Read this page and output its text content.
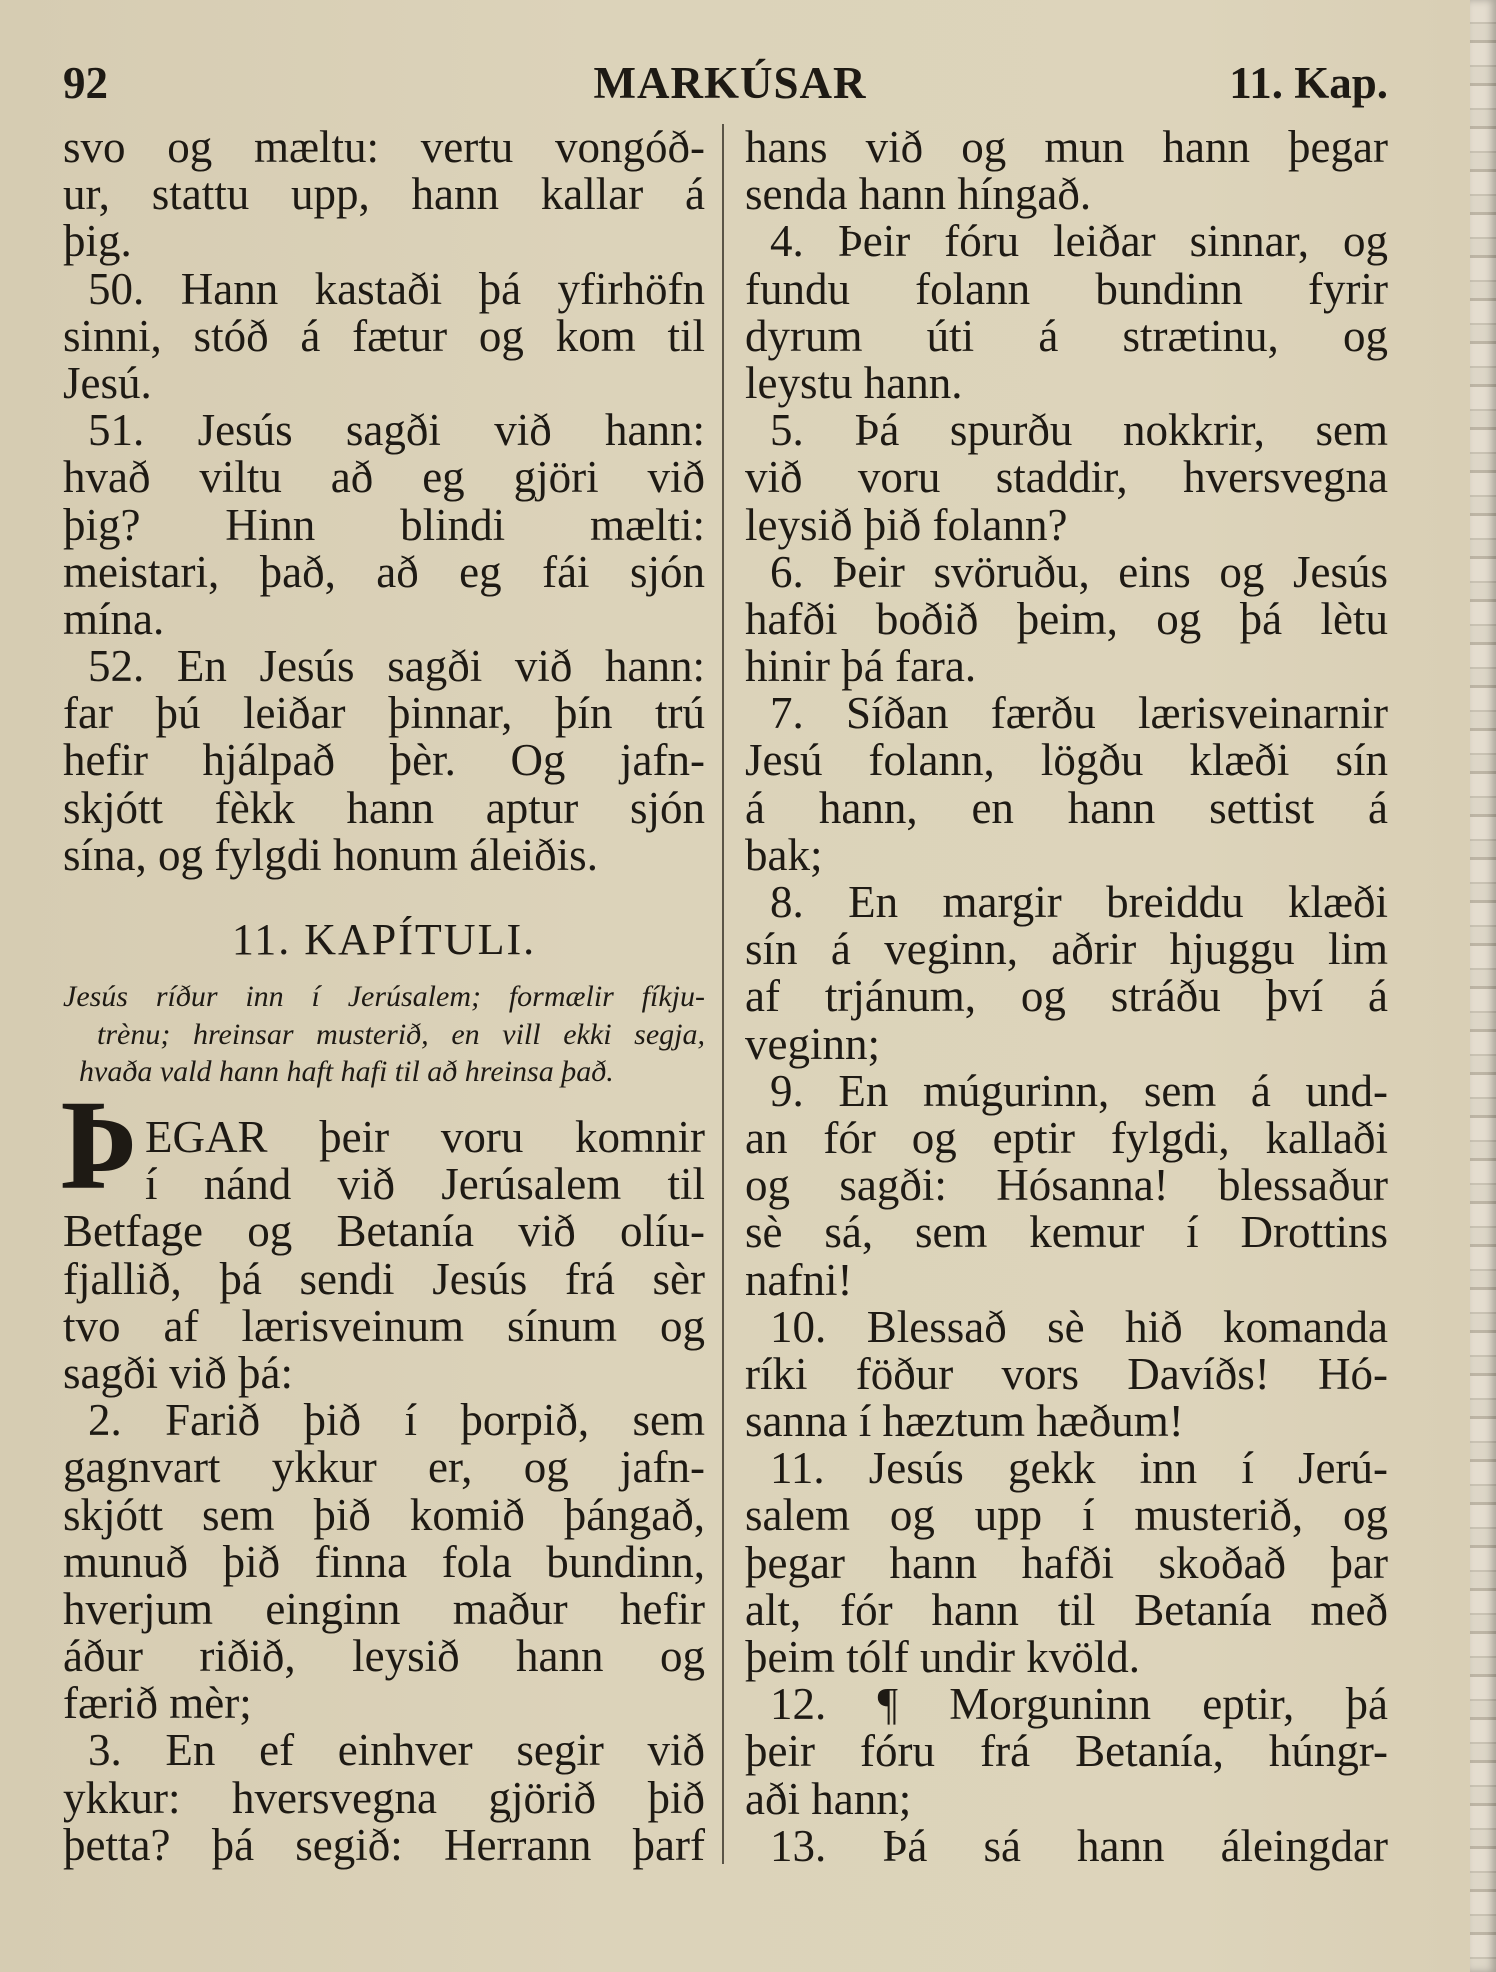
92	MARKÚSAR	11. Kap.
svo og mæltu: vertu vongóð-
ur, stattu upp, hann kallar á
þig.
50. Hann kastaði þá yfirhöfn
sinni, stóð á fætur og kom til
Jesú.
51. Jesús sagði við hann:
hvað viltu að eg gjöri við
þig? Hinn blindi mælti:
meistari, það, að eg fái sjón
mína.
52. En Jesús sagði við hann:
far þú leiðar þinnar, þín trú
hefir hjálpað þèr. Og jafn-
skjótt fèkk hann aptur sjón
sína, og fylgdi honum áleiðis.
11. KAPÍTULI.
Jesús ríður inn í Jerúsalem; formælir fíkju-
trènu; hreinsar musterið, en vill ekki segja,
hvaða vald hann haft hafi til að hreinsa það.
Þ EGAR þeir voru komnir
í nánd við Jerúsalem til
Betfage og Betanía við olíu-
fjallið, þá sendi Jesús frá sèr
tvo af lærisveinum sínum og
sagði við þá:
2. Farið þið í þorpið, sem
gagnvart ykkur er, og jafn-
skjótt sem þið komið þángað,
munuð þið finna fola bundinn,
hverjum einginn maður hefir
áður riðið, leysið hann og
færið mèr;
3. En ef einhver segir við
ykkur: hversvegna gjörið þið
þetta? þá segið: Herrann þarf
hans við og mun hann þegar
senda hann híngað.
4. Þeir fóru leiðar sinnar, og
fundu folann bundinn fyrir
dyrum úti á strætinu, og
leystu hann.
5. Þá spurðu nokkrir, sem
við voru staddir, hversvegna
leysið þið folann?
6. Þeir svöruðu, eins og Jesús
hafði boðið þeim, og þá lètu
hinir þá fara.
7. Síðan færðu lærisveinarnir
Jesú folann, lögðu klæði sín
á hann, en hann settist á
bak;
8. En margir breiddu klæði
sín á veginn, aðrir hjuggu lim
af trjánum, og stráðu því á
veginn;
9. En múgurinn, sem á und-
an fór og eptir fylgdi, kallaði
og sagði: Hósanna! blessaður
sè sá, sem kemur í Drottins
nafni!
10. Blessað sè hið komanda
ríki föður vors Davíðs! Hó-
sanna í hæztum hæðum!
11. Jesús gekk inn í Jerú-
salem og upp í musterið, og
þegar hann hafði skoðað þar
alt, fór hann til Betanía með
þeim tólf undir kvöld.
12. ¶ Morguninn eptir, þá
þeir fóru frá Betanía, húngr-
aði hann;
13. Þá sá hann áleingdar
